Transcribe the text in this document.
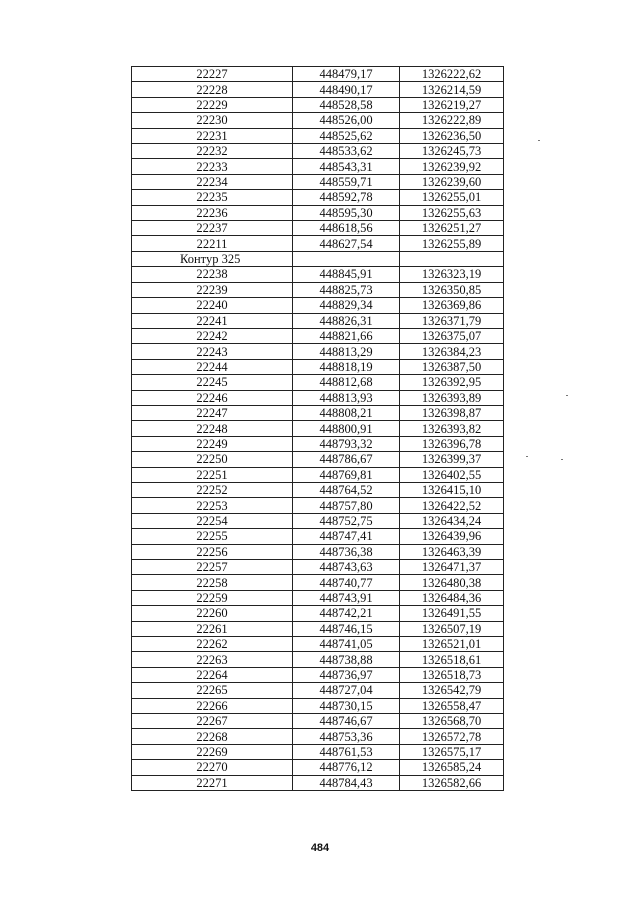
22227	448479,17	1326222,62
22228	448490,17	1326214,59
22229	448528,58	1326219,27
22230	448526,00	1326222,89
22231	448525,62	1326236,50
22232	448533,62	1326245,73
22233	448543,31	1326239,92
22234	448559,71	1326239,60
22235	448592,78	1326255,01
22236	448595,30	1326255,63
22237	448618,56	1326251,27
22211	448627,54	1326255,89
Контур 325		
22238	448845,91	1326323,19
22239	448825,73	1326350,85
22240	448829,34	1326369,86
22241	448826,31	1326371,79
22242	448821,66	1326375,07
22243	448813,29	1326384,23
22244	448818,19	1326387,50
22245	448812,68	1326392,95
22246	448813,93	1326393,89
22247	448808,21	1326398,87
22248	448800,91	1326393,82
22249	448793,32	1326396,78
22250	448786,67	1326399,37
22251	448769,81	1326402,55
22252	448764,52	1326415,10
22253	448757,80	1326422,52
22254	448752,75	1326434,24
22255	448747,41	1326439,96
22256	448736,38	1326463,39
22257	448743,63	1326471,37
22258	448740,77	1326480,38
22259	448743,91	1326484,36
22260	448742,21	1326491,55
22261	448746,15	1326507,19
22262	448741,05	1326521,01
22263	448738,88	1326518,61
22264	448736,97	1326518,73
22265	448727,04	1326542,79
22266	448730,15	1326558,47
22267	448746,67	1326568,70
22268	448753,36	1326572,78
22269	448761,53	1326575,17
22270	448776,12	1326585,24
22271	448784,43	1326582,66
484
